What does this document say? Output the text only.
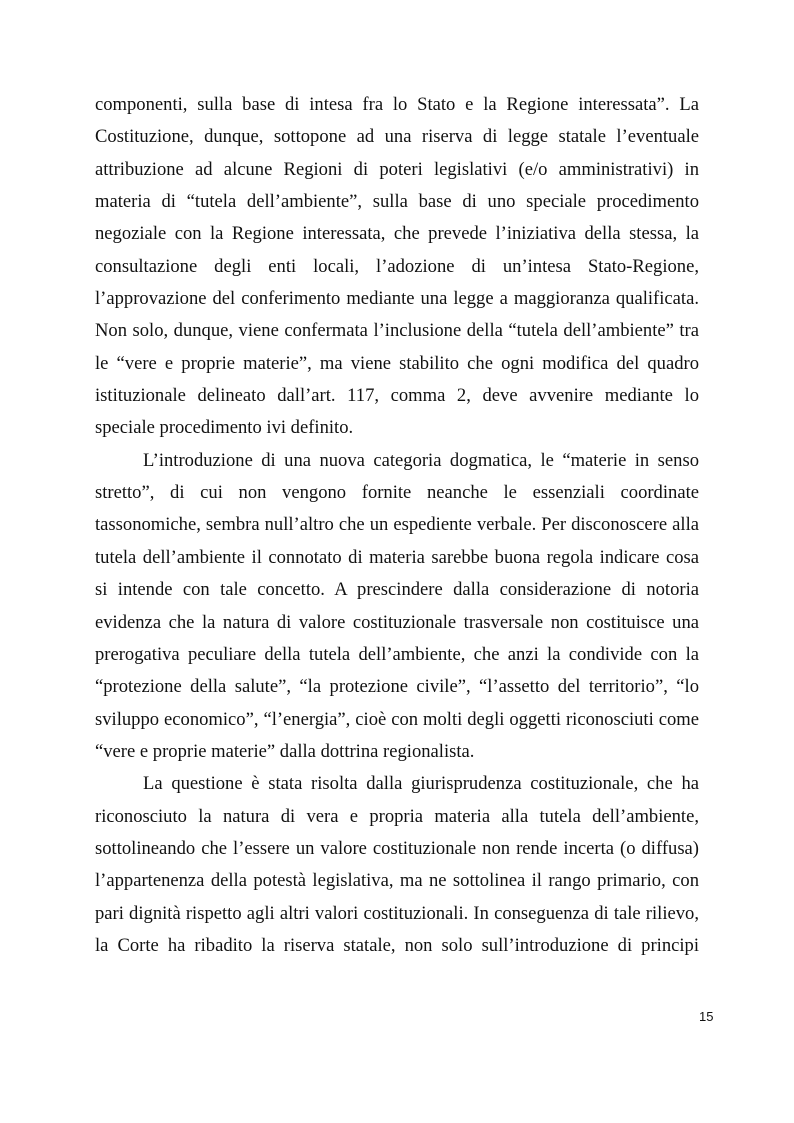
componenti, sulla base di intesa fra lo Stato e la Regione interessata”. La
Costituzione, dunque, sottopone ad una riserva di legge statale l’eventuale
attribuzione ad alcune Regioni di poteri legislativi (e/o amministrativi) in
materia di “tutela dell’ambiente”, sulla base di uno speciale procedimento
negoziale con la Regione interessata, che prevede l’iniziativa della stessa, la
consultazione degli enti locali, l’adozione di un’intesa Stato-Regione,
l’approvazione del conferimento mediante una legge a maggioranza qualificata.
Non solo, dunque, viene confermata l’inclusione della “tutela dell’ambiente” tra
le “vere e proprie materie”, ma viene stabilito che ogni modifica del quadro
istituzionale delineato dall’art. 117, comma 2, deve avvenire mediante lo
speciale procedimento ivi definito.
L’introduzione di una nuova categoria dogmatica, le “materie in senso
stretto”, di cui non vengono fornite neanche le essenziali coordinate
tassonomiche, sembra null’altro che un espediente verbale. Per disconoscere alla
tutela dell’ambiente il connotato di materia sarebbe buona regola indicare cosa
si intende con tale concetto. A prescindere dalla considerazione di notoria
evidenza che la natura di valore costituzionale trasversale non costituisce una
prerogativa peculiare della tutela dell’ambiente, che anzi la condivide con la
“protezione della salute”, “la protezione civile”, “l’assetto del territorio”, “lo
sviluppo economico”, “l’energia”, cioè con molti degli oggetti riconosciuti come
“vere e proprie materie” dalla dottrina regionalista.
La questione è stata risolta dalla giurisprudenza costituzionale, che ha
riconosciuto la natura di vera e propria materia alla tutela dell’ambiente,
sottolineando che l’essere un valore costituzionale non rende incerta (o diffusa)
l’appartenenza della potestà legislativa, ma ne sottolinea il rango primario, con
pari dignità rispetto agli altri valori costituzionali. In conseguenza di tale rilievo,
la Corte ha ribadito la riserva statale, non solo sull’introduzione di principi
15
